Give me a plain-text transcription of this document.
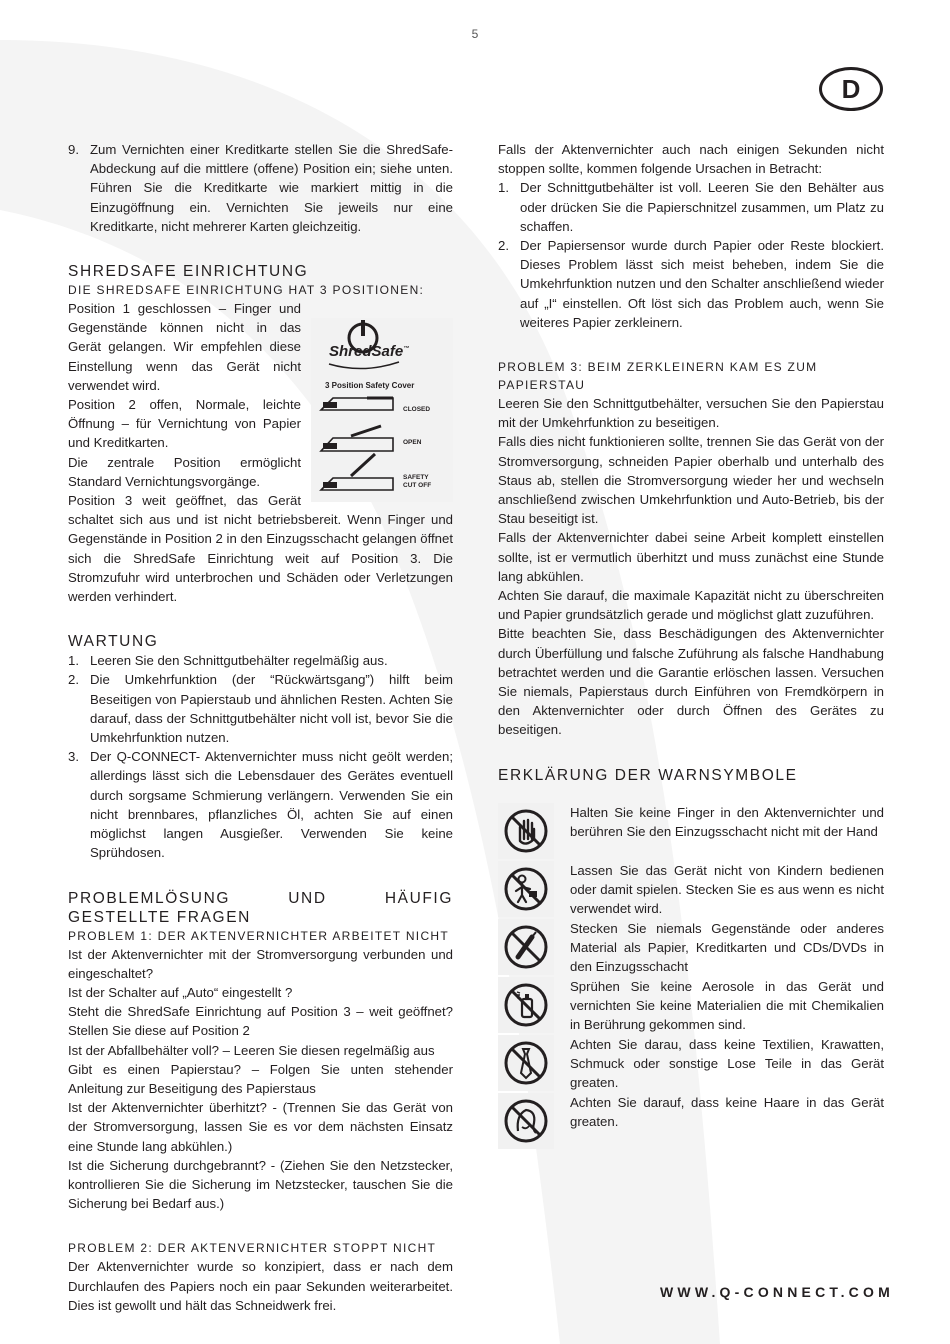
5
D
9. Zum Vernichten einer Kreditkarte stellen Sie die ShredSafe-Abdeckung auf die mittlere (offene) Position ein; siehe unten. Führen Sie die Kreditkarte wie markiert mittig in die Einzugöffnung ein. Vernichten Sie jeweils nur eine Kreditkarte, nicht mehrerer Karten gleichzeitig.
SHREDSAFE EINRICHTUNG
DIE SHREDSAFE EINRICHTUNG HAT 3 POSITIONEN:
ShredSafe™
3 Position Safety Cover
CLOSED
OPEN
SAFETY
CUT OFF

Position 1 geschlossen – Finger und Gegenstände können nicht in das Gerät gelangen. Wir empfehlen diese Einstellung wenn das Gerät nicht verwendet wird.

Position 2 offen, Normale, leichte Öffnung – für Vernichtung von Papier und Kreditkarten.

Die zentrale Position ermöglicht Standard Vernichtungsvorgänge.

Position 3 weit geöffnet, das Gerät schaltet sich aus und ist nicht betriebsbereit. Wenn Finger und Gegenstände in Position 2 in den Einzugsschacht gelangen öffnet sich die ShredSafe Einrichtung weit auf Position 3. Die Stromzufuhr wird unterbrochen und Schäden oder Verletzungen werden verhindert.

WARTUNG
1. Leeren Sie den Schnittgutbehälter regelmäßig aus.
2. Die Umkehrfunktion (der “Rückwärtsgang”) hilft beim Beseitigen von Papierstaub und ähnlichen Resten. Achten Sie darauf, dass der Schnittgutbehälter nicht voll ist, bevor Sie die Umkehrfunktion nutzen.
3. Der Q-CONNECT- Aktenvernichter muss nicht geölt werden; allerdings lässt sich die Lebensdauer des Gerätes eventuell durch sorgsame Schmierung verlängern. Verwenden Sie ein nicht brennbares, pflanzliches Öl, achten Sie auf einen möglichst langen Ausgießer. Verwenden Sie keine Sprühdosen.
PROBLEMLÖSUNG UND HÄUFIG GESTELLTE FRAGEN
PROBLEM 1: DER AKTENVERNICHTER ARBEITET NICHT

Ist der Aktenvernichter mit der Stromversorgung verbunden und eingeschaltet?

Ist der Schalter auf „Auto“ eingestellt ?

Steht die ShredSafe Einrichtung auf Position 3 – weit geöffnet? Stellen Sie diese auf Position 2

Ist der Abfallbehälter voll? – Leeren Sie diesen regelmäßig aus

Gibt es einen Papierstau? – Folgen Sie unten stehender Anleitung zur Beseitigung des Papierstaus

Ist der Aktenvernichter überhitzt? - (Trennen Sie das Gerät von der Stromversorgung, lassen Sie es vor dem nächsten Einsatz eine Stunde lang abkühlen.)

Ist die Sicherung durchgebrannt? - (Ziehen Sie den Netzstecker, kontrollieren Sie die Sicherung im Netzstecker, tauschen Sie die Sicherung bei Bedarf aus.)

PROBLEM 2: DER AKTENVERNICHTER STOPPT NICHT

Der Aktenvernichter wurde so konzipiert, dass er nach dem Durchlaufen des Papiers noch ein paar Sekunden weiterarbeitet. Dies ist gewollt und hält das Schneidwerk frei.

Falls der Aktenvernichter auch nach einigen Sekunden nicht stoppen sollte, kommen folgende Ursachen in Betracht:

1. Der Schnittgutbehälter ist voll. Leeren Sie den Behälter aus oder drücken Sie die Papierschnitzel zusammen, um Platz zu schaffen.
2. Der Papiersensor wurde durch Papier oder Reste blockiert. Dieses Problem lässt sich meist beheben, indem Sie die Umkehrfunktion nutzen und den Schalter anschließend wieder auf „I“ einstellen. Oft löst sich das Problem auch, wenn Sie weiteres Papier zerkleinern.
PROBLEM 3: BEIM ZERKLEINERN KAM ES ZUM PAPIERSTAU

Leeren Sie den Schnittgutbehälter, versuchen Sie den Papierstau mit der Umkehrfunktion zu beseitigen.

Falls dies nicht funktionieren sollte, trennen Sie das Gerät von der Stromversorgung, schneiden Papier oberhalb und unterhalb des Staus ab, stellen die Stromversorgung wieder her und wechseln anschließend zwischen Umkehrfunktion und Auto-Betrieb, bis der Stau beseitigt ist.

Falls der Aktenvernichter dabei seine Arbeit komplett einstellen sollte, ist er vermutlich überhitzt und muss zunächst eine Stunde lang abkühlen.

Achten Sie darauf, die maximale Kapazität nicht zu überschreiten und Papier grundsätzlich gerade und möglichst glatt zuzuführen.

Bitte beachten Sie, dass Beschädigungen des Aktenvernichter durch Überfüllung und falsche Zuführung als falsche Handhabung betrachtet werden und die Garantie erlöschen lassen. Versuchen Sie niemals, Papierstaus durch Einführen von Fremdkörpern in den Aktenvernichter oder durch Öffnen des Gerätes zu beseitigen.

ERKLÄRUNG DER WARNSYMBOLE
Halten Sie keine Finger in den Aktenvernichter und berühren Sie den Einzugsschacht nicht mit der Hand
Lassen Sie das Gerät nicht von Kindern bedienen oder damit spielen. Stecken Sie es aus wenn es nicht verwendet wird.
Stecken Sie niemals Gegenstände oder anderes Material als Papier, Kreditkarten und CDs/DVDs in den Einzugsschacht
Sprühen Sie keine Aerosole in das Gerät und vernichten Sie keine Materialien die mit Chemikalien in Berührung gekommen sind.
Achten Sie darau, dass keine Textilien, Krawatten, Schmuck oder sonstige Lose Teile in das Gerät greaten.
Achten Sie darauf, dass keine Haare in das Gerät greaten.
WWW.Q-CONNECT.COM
